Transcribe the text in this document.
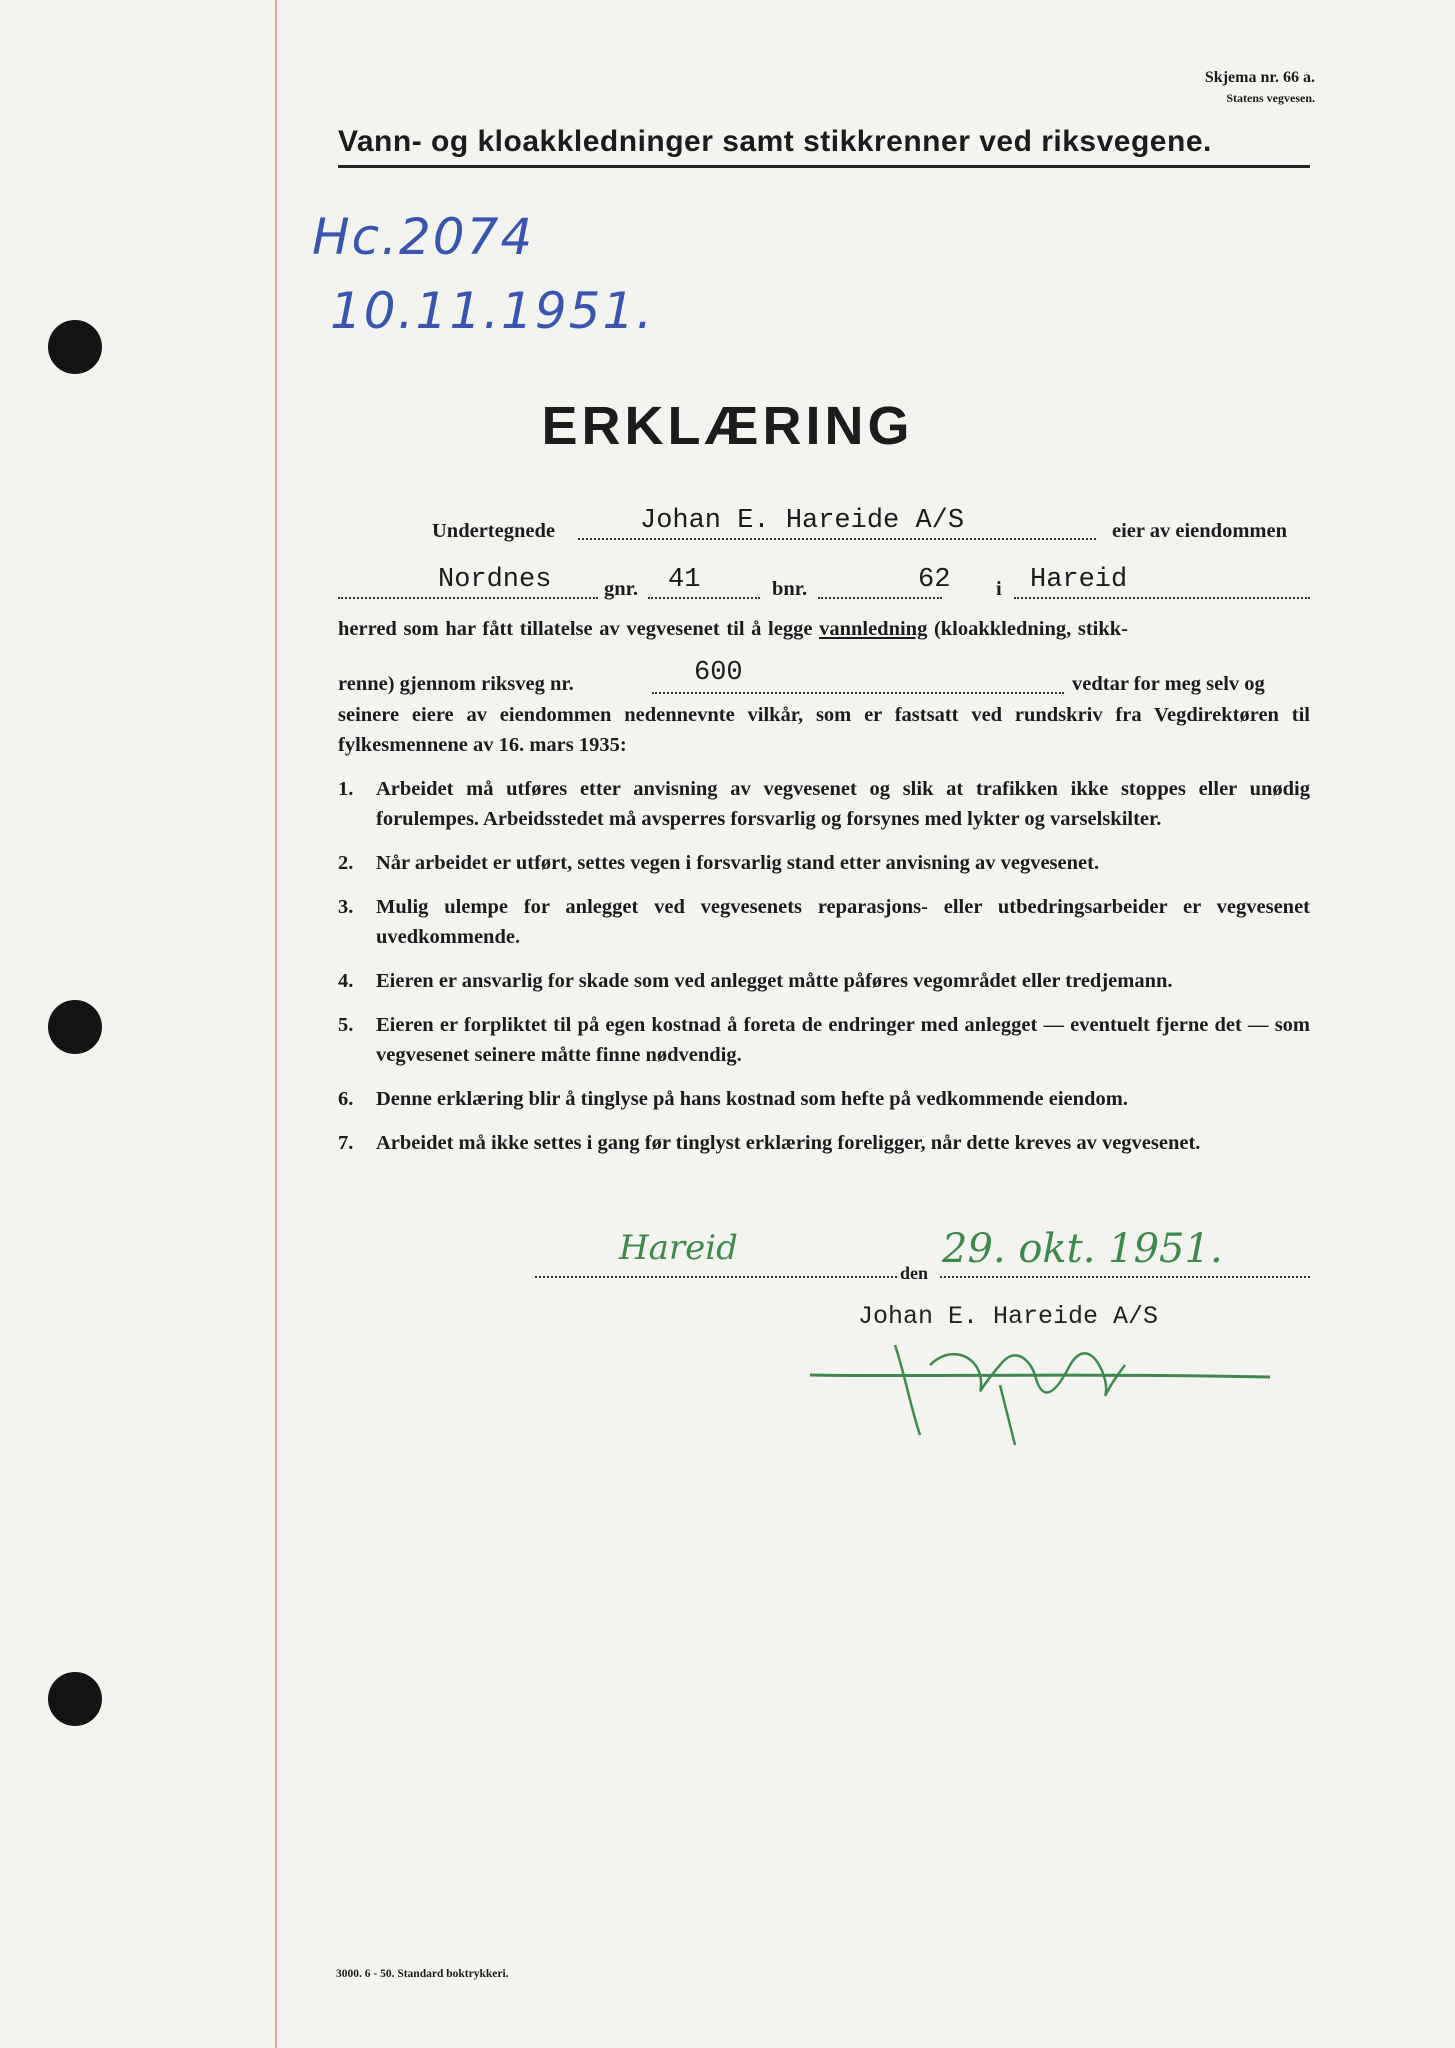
Skjema nr. 66 a.
Statens vegvesen.
Vann- og kloakkledninger samt stikkrenner ved riksvegene.
Hc.2074
10.11.1951.
ERKLÆRING
Undertegnede	Johan E. Hareide A/S	eier av eiendommen
Nordnes	gnr. 41	bnr.	62 i Hareid
herred som har fått tillatelse av vegvesenet til å legge vannledning (kloakkledning, stikk-
renne) gjennom riksveg nr.	600	vedtar for meg selv og
seinere eiere av eiendommen nedennevnte vilkår, som er fastsatt ved rundskriv fra Vegdirektøren til fylkesmennene av 16. mars 1935:
1.	Arbeidet må utføres etter anvisning av vegvesenet og slik at trafikken ikke stoppes eller unødig forulempes. Arbeidsstedet må avsperres forsvarlig og forsynes med lykter og varselskilter.
2.	Når arbeidet er utført, settes vegen i forsvarlig stand etter anvisning av vegvesenet.
3.	Mulig ulempe for anlegget ved vegvesenets reparasjons- eller utbedringsarbeider er vegvesenet uvedkommende.
4.	Eieren er ansvarlig for skade som ved anlegget måtte påføres vegområdet eller tredjemann.
5.	Eieren er forpliktet til på egen kostnad å foreta de endringer med anlegget — eventuelt fjerne det — som vegvesenet seinere måtte finne nødvendig.
6.	Denne erklæring blir å tinglyse på hans kostnad som hefte på vedkommende eiendom.
7.	Arbeidet må ikke settes i gang før tinglyst erklæring foreligger, når dette kreves av vegvesenet.
Hareid
den
29. okt. 1951.
Johan E. Hareide A/S
3000. 6 - 50. Standard boktrykkeri.
